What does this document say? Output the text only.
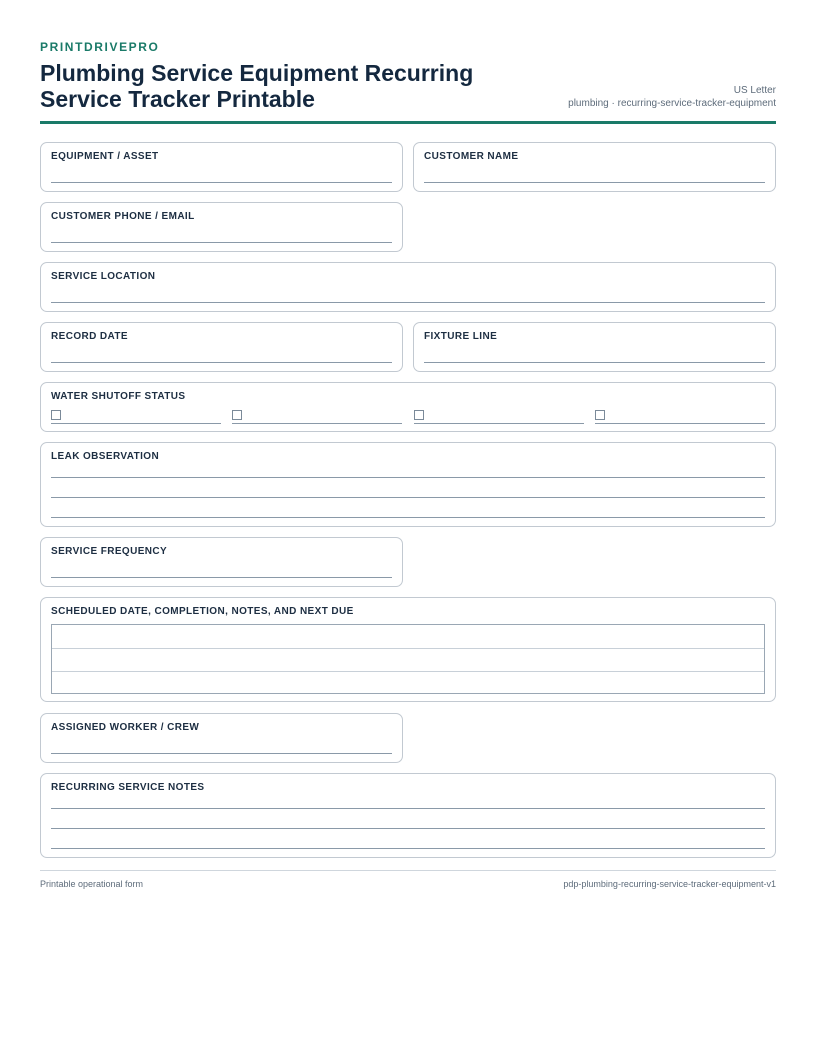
PRINTDRIVEPRO
Plumbing Service Equipment Recurring Service Tracker Printable	US Letter
plumbing · recurring-service-tracker-equipment
EQUIPMENT / ASSET	CUSTOMER NAME
CUSTOMER PHONE / EMAIL
SERVICE LOCATION
RECORD DATE	FIXTURE LINE
WATER SHUTOFF STATUS
LEAK OBSERVATION
SERVICE FREQUENCY
SCHEDULED DATE, COMPLETION, NOTES, AND NEXT DUE
ASSIGNED WORKER / CREW
RECURRING SERVICE NOTES
Printable operational form	pdp-plumbing-recurring-service-tracker-equipment-v1
